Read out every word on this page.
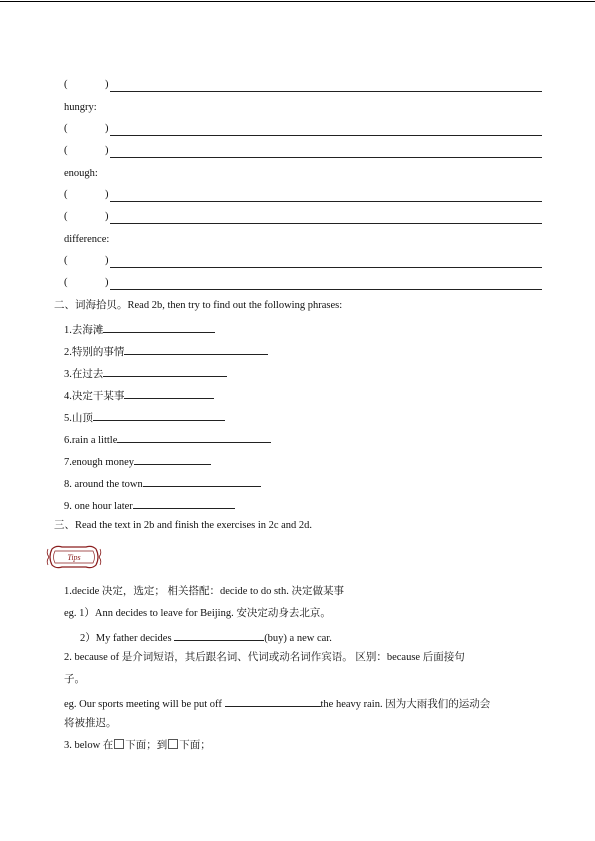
(	)
hungry:
(	)
(	)
enough:
(	)
(	)
difference:
(	)
(	)
二、词海拾贝。Read 2b, then try to find out the following phrases:
1.去海滩
2.特别的事情
3.在过去
4.决定干某事
5.山顶
6.rain a little
7.enough money
8. around the town
9. one hour later
三、Read the text in 2b and finish the exercises in 2c and 2d.
Tips
1.decide 决定，选定； 相关搭配：decide to do sth. 决定做某事
eg. 1）Ann decides to leave for Beijing. 安决定动身去北京。
2）My father decides	(buy) a new car.
2. because of 是介词短语，其后跟名词、代词或动名词作宾语。 区别：because 后面接句
子。
eg. Our sports meeting will be put off	the heavy rain. 因为大雨我们的运动会
将被推迟。
3. below 在 下面；到 下面；
